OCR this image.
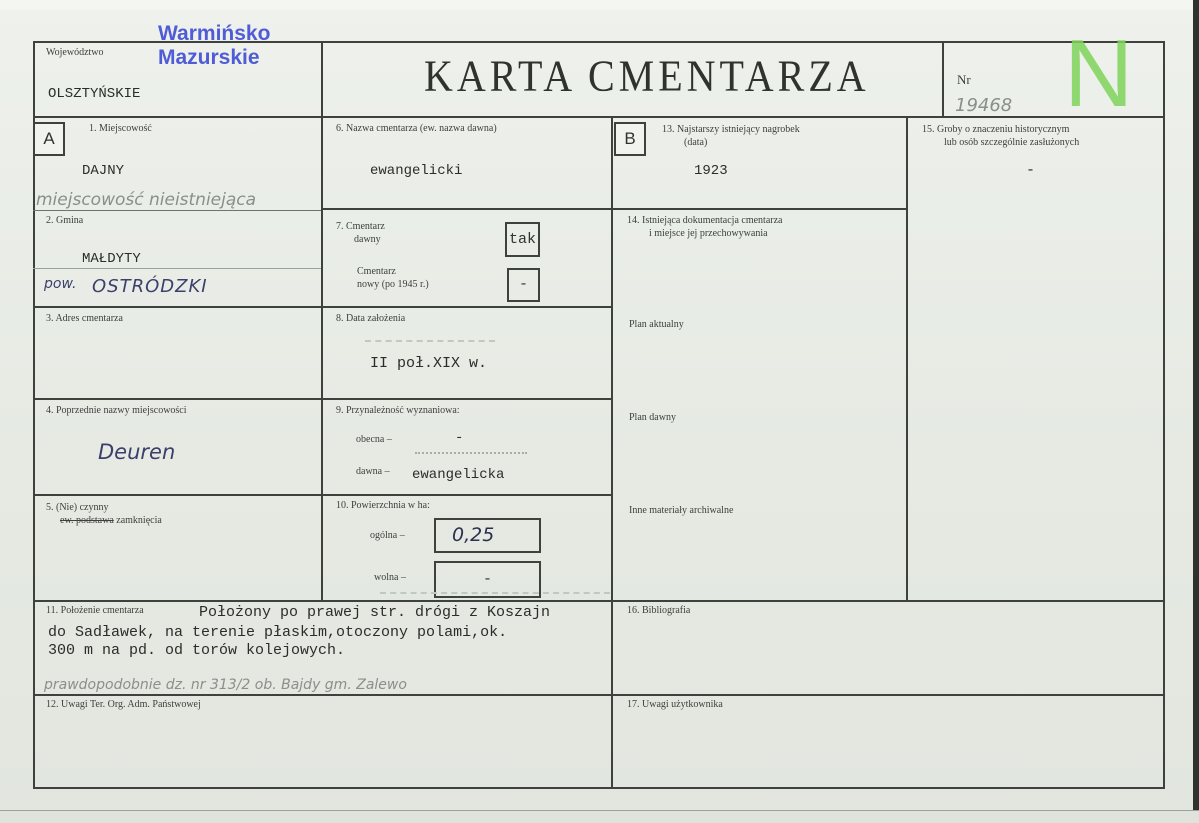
Warmińsko
Mazurskie
Województwo
OLSZTYŃSKIE	KARTA CMENTARZA	Nr
19468 N
A	B
1. Miejscowość
DAJNY
miejscowość nieistniejąca
2. Gmina
MAŁDYTY
pow. OSTRÓDZKI
3. Adres cmentarza
4. Poprzednie nazwy miejscowości
Deuren
5. (Nie) czynny
ew. podstawa zamknięcia
6. Nazwa cmentarza (ew. nazwa dawna)
ewangelicki
7. Cmentarz
dawny	tak
Cmentarz
nowy (po 1945 r.)	-
8. Data założenia
II poł.XIX w.
9. Przynależność wyznaniowa:
obecna –	-
dawna – ewangelicka
10. Powierzchnia w ha:
ogólna – 0,25
wolna –	-
11. Położenie cmentarza	Położony po prawej str. drógi z Koszajn
do Sadławek, na terenie płaskim,otoczony polami,ok.
300 m na pd. od torów kolejowych.
prawdopodobnie dz. nr 313/2 ob. Bajdy gm. Zalewo
12. Uwagi Ter. Org. Adm. Państwowej
13. Najstarszy istniejący nagrobek
(data)
1923
14. Istniejąca dokumentacja cmentarza
i miejsce jej przechowywania
Plan aktualny
Plan dawny
Inne materiały archiwalne
15. Groby o znaczeniu historycznym
lub osób szczególnie zasłużonych
-
16. Bibliografia
17. Uwagi użytkownika
